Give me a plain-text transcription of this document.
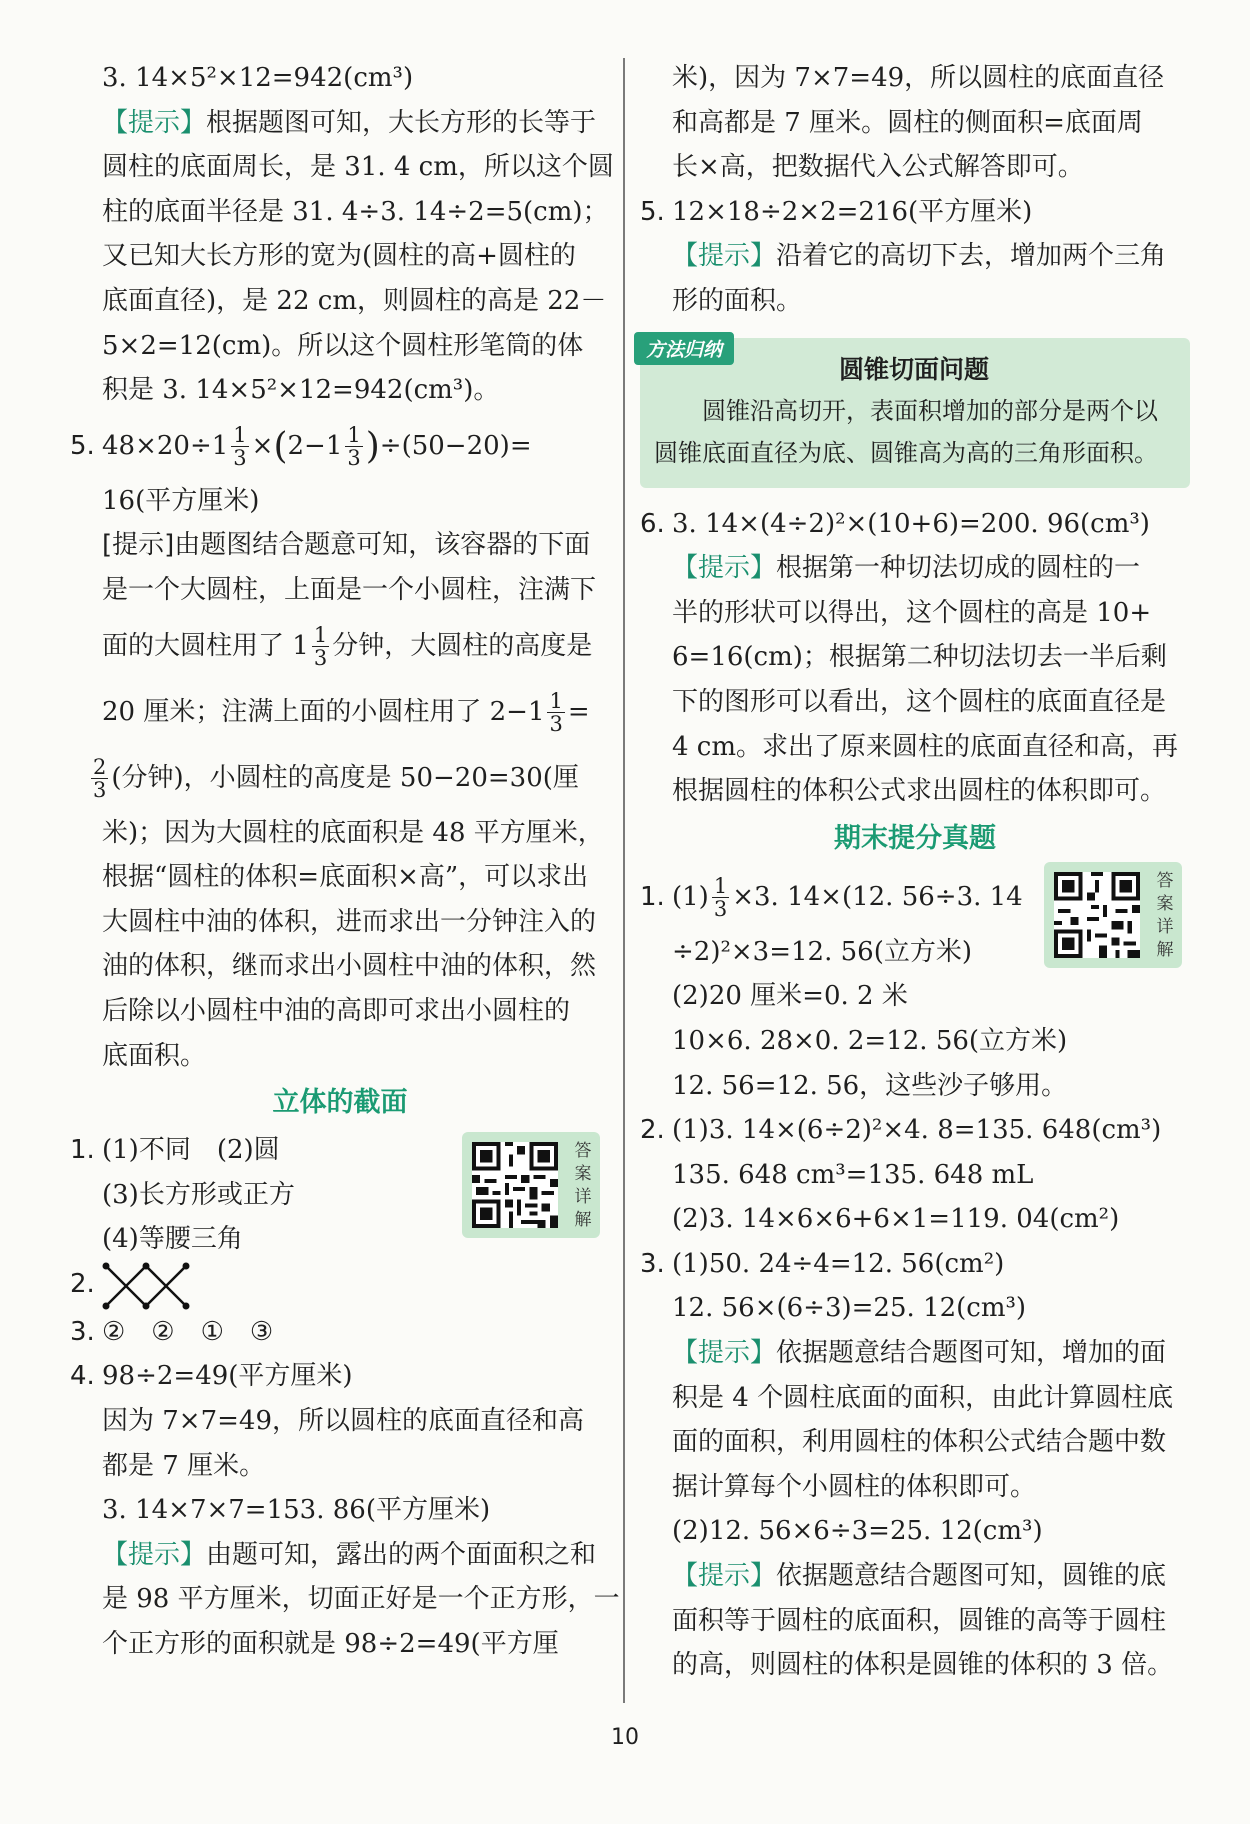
3. 14×5²×12=942(cm³)
【提示】根据题图可知，大长方形的长等于
圆柱的底面周长，是 31. 4 cm，所以这个圆
柱的底面半径是 31. 4÷3. 14÷2=5(cm)；
又已知大长方形的宽为(圆柱的高+圆柱的
底面直径)，是 22 cm，则圆柱的高是 22－
5×2=12(cm)。所以这个圆柱形笔筒的体
积是 3. 14×5²×12=942(cm³)。
5. $48\times 20\div 1 \frac{1}{3} \times(2-1 \frac{1}{3} )\div(50-20)=$
16(平方厘米)
[提示]由题图结合题意可知，该容器的下面
是一个大圆柱，上面是一个小圆柱，注满下
面的大圆柱用了 $1 \frac{1}{3}$ 分钟，大圆柱的高度是
20 厘米；注满上面的小圆柱用了 $2-1 \frac{1}{3}$ =
$\frac{2}{3}$ (分钟)，小圆柱的高度是 50−20=30(厘
米)；因为大圆柱的底面积是 48 平方厘米，
根据“圆柱的体积=底面积×高”，可以求出
大圆柱中油的体积，进而求出一分钟注入的
油的体积，继而求出小圆柱中油的体积，然
后除以小圆柱中油的高即可求出小圆柱的
底面积。
立体的截面
答案详解
1. (1)不同　(2)圆
(3)长方形或正方
(4)等腰三角
2.
3. ②　②　①　③
4. 98÷2=49(平方厘米)
因为 7×7=49，所以圆柱的底面直径和高
都是 7 厘米。
3. 14×7×7=153. 86(平方厘米)
【提示】由题可知，露出的两个面面积之和
是 98 平方厘米，切面正好是一个正方形，一
个正方形的面积就是 98÷2=49(平方厘
米)，因为 7×7=49，所以圆柱的底面直径
和高都是 7 厘米。圆柱的侧面积=底面周
长×高，把数据代入公式解答即可。
5. 12×18÷2×2=216(平方厘米)
【提示】沿着它的高切下去，增加两个三角
形的面积。
方法归纳
圆锥切面问题
圆锥沿高切开，表面积增加的部分是两个以圆锥底面直径为底、圆锥高为高的三角形面积。
6. 3. 14×(4÷2)²×(10+6)=200. 96(cm³)
【提示】根据第一种切法切成的圆柱的一
半的形状可以得出，这个圆柱的高是 10+
6=16(cm)；根据第二种切法切去一半后剩
下的图形可以看出，这个圆柱的底面直径是
4 cm。求出了原来圆柱的底面直径和高，再
根据圆柱的体积公式求出圆柱的体积即可。
期末提分真题
答案详解
1. $(1) \frac{1}{3} \times 3$. 14×(12. 56÷3. 14
÷2)²×3=12. 56(立方米)
(2)20 厘米=0. 2 米
10×6. 28×0. 2=12. 56(立方米)
12. 56=12. 56，这些沙子够用。
2. (1)3. 14×(6÷2)²×4. 8=135. 648(cm³)
135. 648 cm³=135. 648 mL
(2)3. 14×6×6+6×1=119. 04(cm²)
3. (1)50. 24÷4=12. 56(cm²)
12. 56×(6÷3)=25. 12(cm³)
【提示】依据题意结合题图可知，增加的面
积是 4 个圆柱底面的面积，由此计算圆柱底
面的面积，利用圆柱的体积公式结合题中数
据计算每个小圆柱的体积即可。
(2)12. 56×6÷3=25. 12(cm³)
【提示】依据题意结合题图可知，圆锥的底
面积等于圆柱的底面积，圆锥的高等于圆柱
的高，则圆柱的体积是圆锥的体积的 3 倍。
10
